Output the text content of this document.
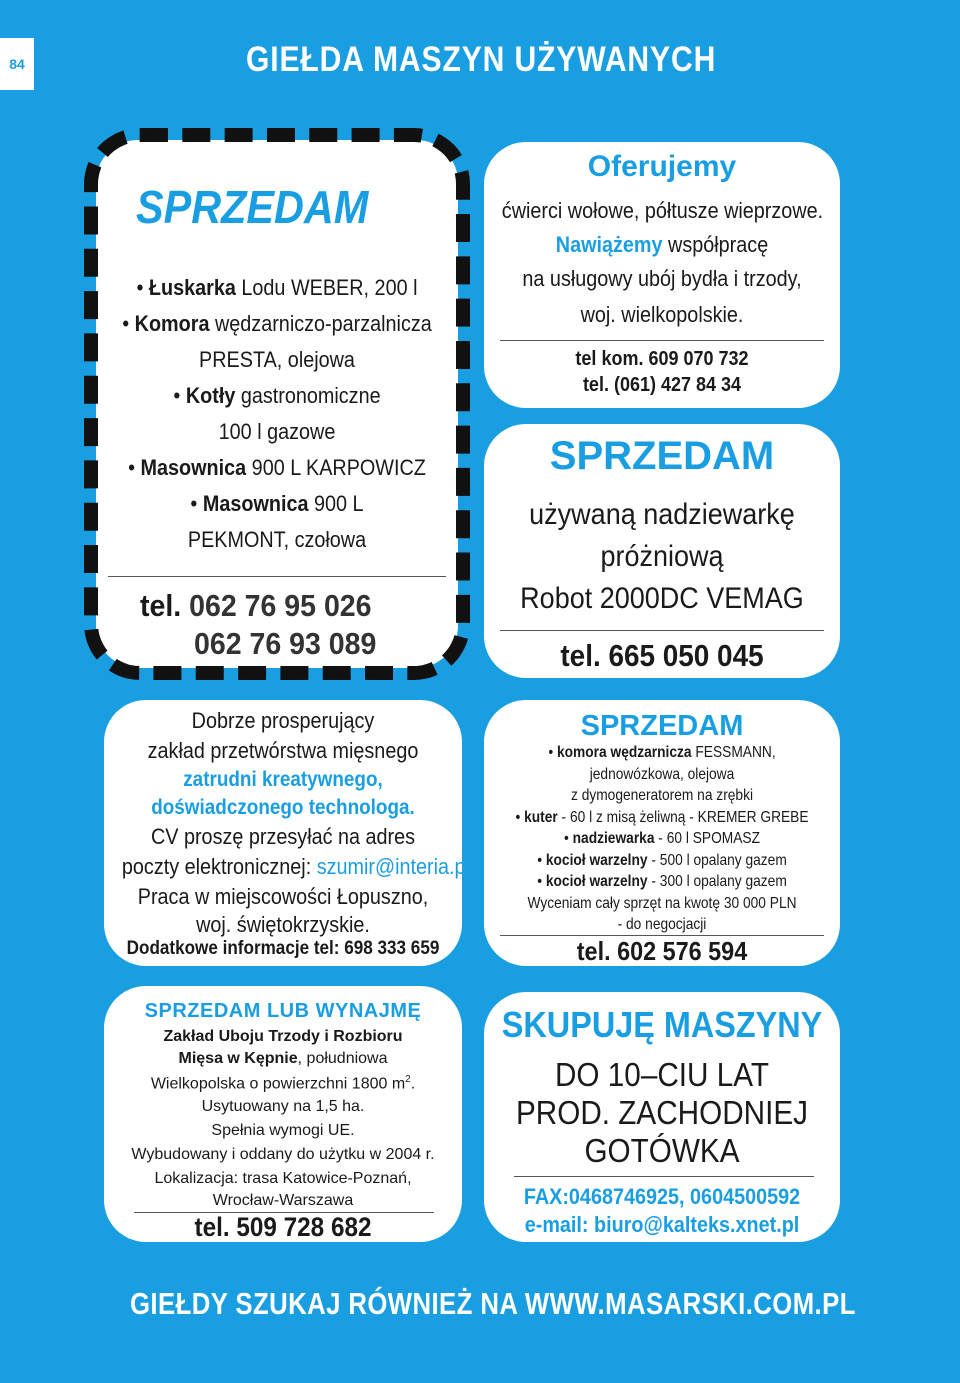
84	GIEŁDA MASZYN UŻYWANYCH
SPRZEDAM
• Łuskarka Lodu WEBER, 200 l
• Komora wędzarniczo-parzalnicza
PRESTA, olejowa
• Kotły gastronomiczne
100 l gazowe
• Masownica 900 L KARPOWICZ
• Masownica 900 L
PEKMONT, czołowa
tel. 062 76 95 026
062 76 93 089
Oferujemy
ćwierci wołowe, półtusze wieprzowe.
Nawiążemy współpracę
na usługowy ubój bydła i trzody,
woj. wielkopolskie.
tel kom. 609 070 732
tel. (061) 427 84 34
SPRZEDAM
używaną nadziewarkę
próżniową
Robot 2000DC VEMAG
tel. 665 050 045
Dobrze prosperujący
zakład przetwórstwa mięsnego
zatrudni kreatywnego,
doświadczonego technologa.
CV proszę przesyłać na adres
poczty elektronicznej: szumir@interia.pl
Praca w miejscowości Łopuszno,
woj. świętokrzyskie.
Dodatkowe informacje tel: 698 333 659
SPRZEDAM
• komora wędzarnicza FESSMANN,
jednowózkowa, olejowa
z dymogeneratorem na zrębki
• kuter - 60 l z misą żeliwną - KREMER GREBE
• nadziewarka - 60 l SPOMASZ
• kocioł warzelny - 500 l opalany gazem
• kocioł warzelny - 300 l opalany gazem
Wyceniam cały sprzęt na kwotę 30 000 PLN
- do negocjacji
tel. 602 576 594
SPRZEDAM LUB WYNAJMĘ
Zakład Uboju Trzody i Rozbioru
Mięsa w Kępnie, południowa
Wielkopolska o powierzchni 1800 $m^2$.
Usytuowany na 1,5 ha.
Spełnia wymogi UE.
Wybudowany i oddany do użytku w 2004 r.
Lokalizacja: trasa Katowice-Poznań,
Wrocław-Warszawa
tel. 509 728 682
SKUPUJĘ MASZYNY
DO 10–CIU LAT
PROD. ZACHODNIEJ
GOTÓWKA
FAX:0468746925, 0604500592
e-mail: biuro@kalteks.xnet.pl
GIEŁDY SZUKAJ RÓWNIEŻ NA WWW.MASARSKI.COM.PL
